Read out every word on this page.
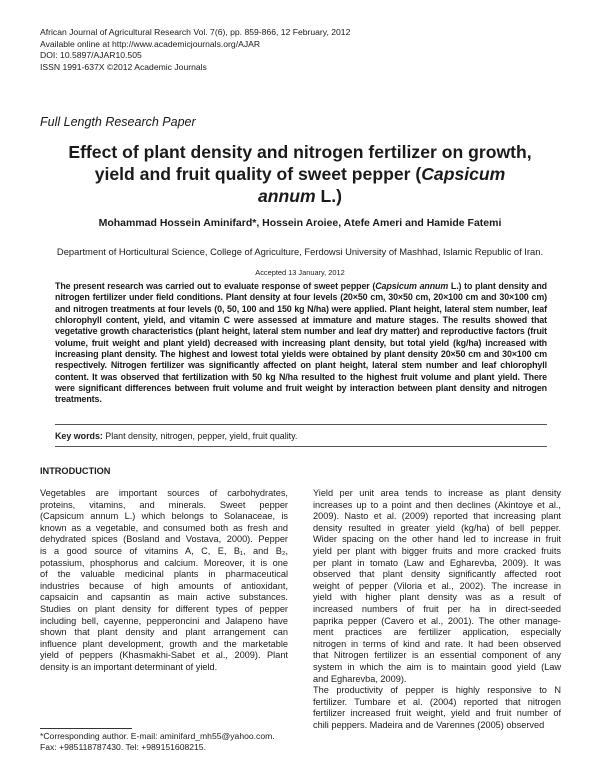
African Journal of Agricultural Research Vol. 7(6), pp. 859-866, 12 February, 2012
Available online at http://www.academicjournals.org/AJAR
DOI: 10.5897/AJAR10.505
ISSN 1991-637X ©2012 Academic Journals
Full Length Research Paper
Effect of plant density and nitrogen fertilizer on growth,
yield and fruit quality of sweet pepper (Capsicum
annum L.)
Mohammad Hossein Aminifard*, Hossein Aroiee, Atefe Ameri and Hamide Fatemi
Department of Horticultural Science, College of Agriculture, Ferdowsi University of Mashhad, Islamic Republic of Iran.
Accepted 13 January, 2012
The present research was carried out to evaluate response of sweet pepper (Capsicum annum L.) to plant density and nitrogen fertilizer under field conditions. Plant density at four levels (20×50 cm, 30×50 cm, 20×100 cm and 30×100 cm) and nitrogen treatments at four levels (0, 50, 100 and 150 kg N/ha) were applied. Plant height, lateral stem number, leaf chlorophyll content, yield, and vitamin C were assessed at immature and mature stages. The results showed that vegetative growth characteristics (plant height, lateral stem number and leaf dry matter) and reproductive factors (fruit volume, fruit weight and plant yield) decreased with increasing plant density, but total yield (kg/ha) increased with increasing plant density. The highest and lowest total yields were obtained by plant density 20×50 cm and 30×100 cm respectively. Nitrogen fertilizer was significantly affected on plant height, lateral stem number and leaf chlorophyll content. It was observed that fertilization with 50 kg N/ha resulted to the highest fruit volume and plant yield. There were significant differences between fruit volume and fruit weight by interaction between plant density and nitrogen treatments.
Key words: Plant density, nitrogen, pepper, yield, fruit quality.
INTRODUCTION
Vegetables are important sources of carbohydrates,
proteins, vitamins, and minerals. Sweet pepper
(Capsicum annum L.) which belongs to Solanaceae, is
known as a vegetable, and consumed both as fresh and
dehydrated spices (Bosland and Vostava, 2000). Pepper
is a good source of vitamins A, C, E, B₁, and B₂,
potassium, phosphorus and calcium. Moreover, it is one
of the valuable medicinal plants in pharmaceutical
industries because of high amounts of antioxidant,
capsaicin and capsantin as main active substances.
Studies on plant density for different types of pepper
including bell, cayenne, pepperoncini and Jalapeno have
shown that plant density and plant arrangement can
influence plant development, growth and the marketable
yield of peppers (Khasmakhi-Sabet et al., 2009). Plant
density is an important determinant of yield.
Yield per unit area tends to increase as plant density
increases up to a point and then declines (Akintoye et al.,
2009). Nasto et al. (2009) reported that increasing plant
density resulted in greater yield (kg/ha) of bell pepper.
Wider spacing on the other hand led to increase in fruit
yield per plant with bigger fruits and more cracked fruits
per plant in tomato (Law and Egharevba, 2009). It was
observed that plant density significantly affected root
weight of pepper (Viloria et al., 2002). The increase in
yield with higher plant density was as a result of
increased numbers of fruit per ha in direct-seeded
paprika pepper (Cavero et al., 2001). The other manage-
ment practices are fertilizer application, especially
nitrogen in terms of kind and rate. It had been observed
that Nitrogen fertilizer is an essential component of any
system in which the aim is to maintain good yield (Law
and Egharevba, 2009).
The productivity of pepper is highly responsive to N
fertilizer. Tumbare et al. (2004) reported that nitrogen
fertilizer increased fruit weight, yield and fruit number of
chili peppers. Madeira and de Varennes (2005) observed
*Corresponding author. E-mail: aminifard_mh55@yahoo.com.
Fax: +985118787430. Tel: +989151608215.
